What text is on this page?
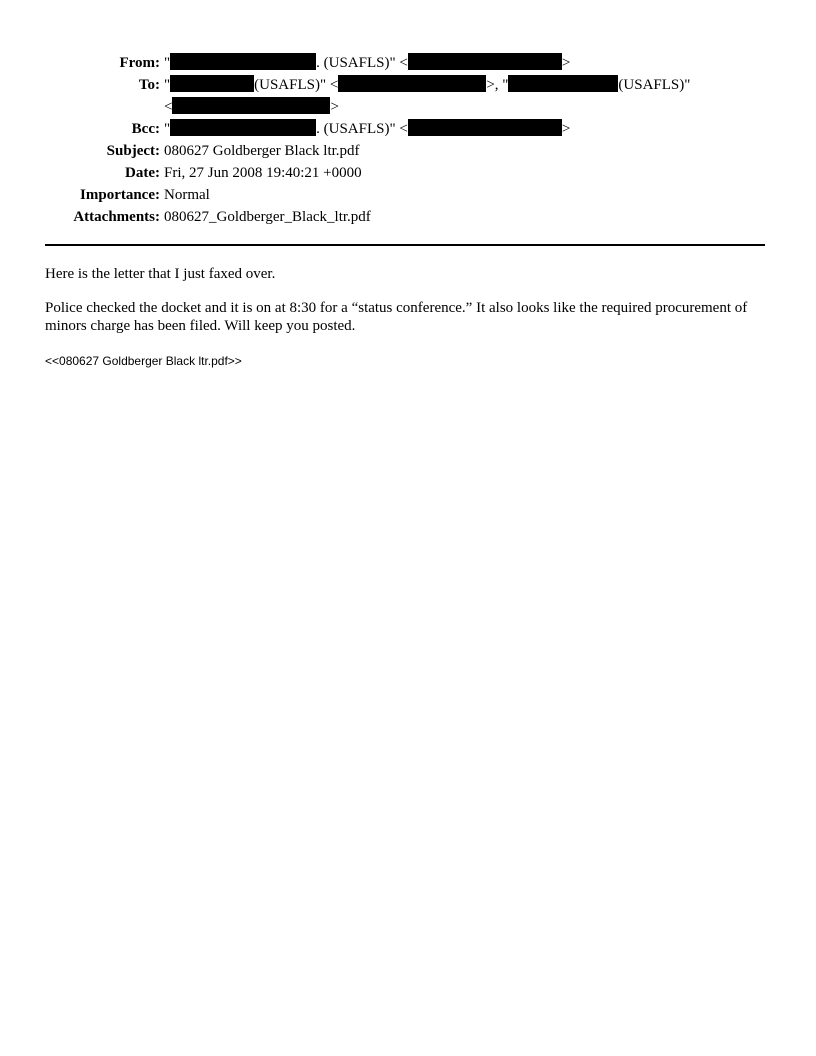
From: "	. (USAFLS)" <	>
To: "	(USAFLS)" <	>, "	(USAFLS)"
<	>
Bcc: "	. (USAFLS)" <	>
Subject: 080627 Goldberger Black ltr.pdf
Date: Fri, 27 Jun 2008 19:40:21 +0000
Importance: Normal
Attachments: 080627_Goldberger_Black_ltr.pdf

Here is the letter that I just faxed over.

Police checked the docket and it is on at 8:30 for a “status conference.” It also looks like the required procurement of minors charge has been filed. Will keep you posted.

<<080627 Goldberger Black ltr.pdf>>
